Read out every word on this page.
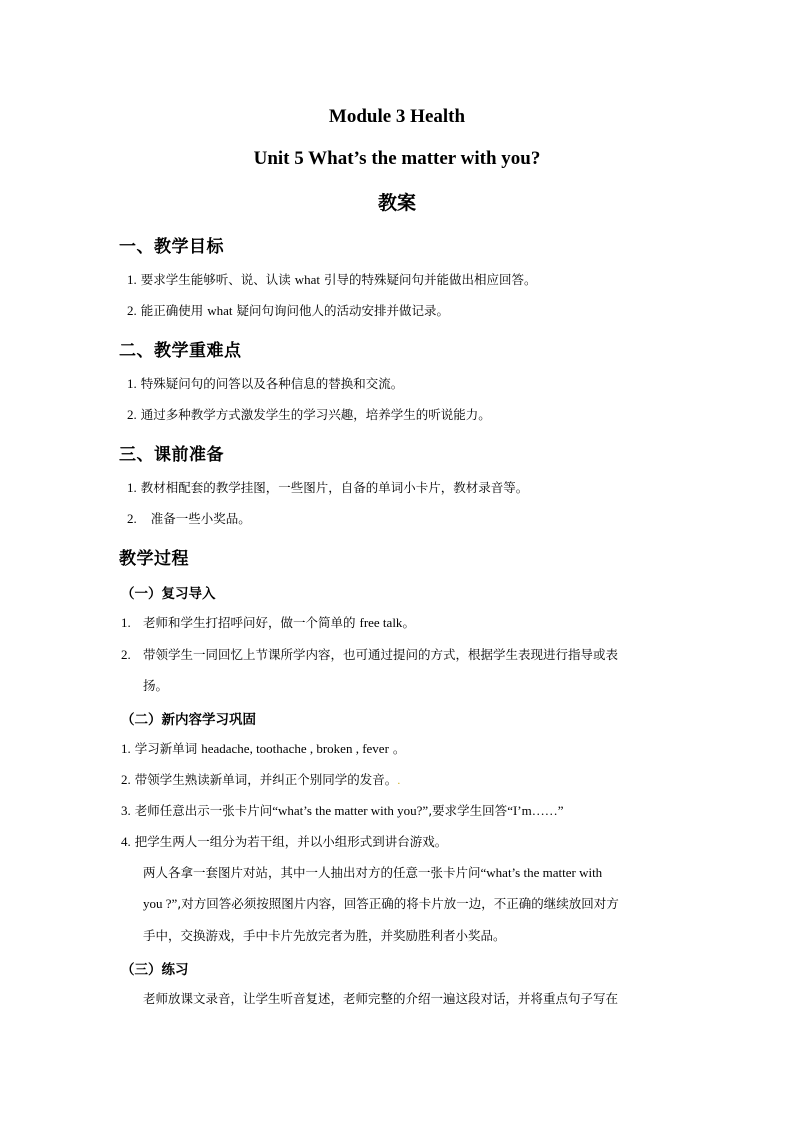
Module 3 Health
Unit 5 What’s the matter with you?
教案
一、教学目标
1. 要求学生能够听、说、认读 what 引导的特殊疑问句并能做出相应回答。
2. 能正确使用 what 疑问句询问他人的活动安排并做记录。
二、教学重难点
1. 特殊疑问句的问答以及各种信息的替换和交流。
2. 通过多种教学方式激发学生的学习兴趣，培养学生的听说能力。
三、课前准备
1. 教材相配套的教学挂图，一些图片，自备的单词小卡片，教材录音等。
2. 准备一些小奖品。
教学过程
（一）复习导入
1. 老师和学生打招呼问好，做一个简单的 free talk。
2. 带领学生一同回忆上节课所学内容，也可通过提问的方式，根据学生表现进行指导或表
扬。
（二）新内容学习巩固
1. 学习新单词 headache, toothache , broken , fever 。
2. 带领学生熟读新单词，并纠正个别同学的发音。.
3. 老师任意出示一张卡片问“what’s the matter with you?”,要求学生回答“I’m……”
4. 把学生两人一组分为若干组，并以小组形式到讲台游戏。
两人各拿一套图片对站，其中一人抽出对方的任意一张卡片问“what’s the matter with
you ?”,对方回答必须按照图片内容，回答正确的将卡片放一边，不正确的继续放回对方
手中，交换游戏，手中卡片先放完者为胜，并奖励胜利者小奖品。
（三）练习
老师放课文录音，让学生听音复述，老师完整的介绍一遍这段对话，并将重点句子写在
